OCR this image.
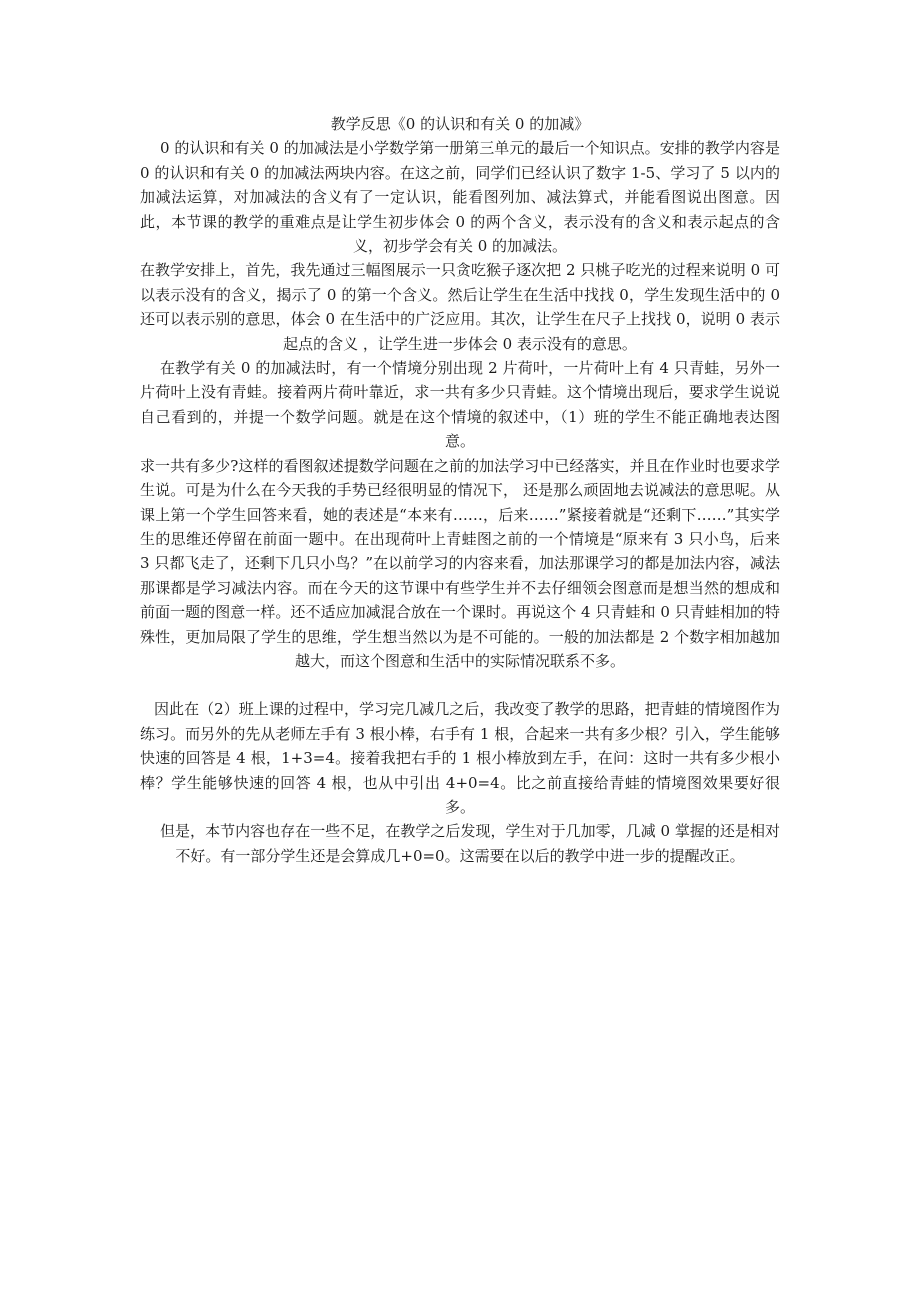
教学反思《0 的认识和有关 0 的加减》

0 的认识和有关 0 的加减法是小学数学第一册第三单元的最后一个知识点。安排的教学内容是 0 的认识和有关 0 的加减法两块内容。在这之前，同学们已经认识了数字 1-5、学习了 5 以内的加减法运算，对加减法的含义有了一定认识，能看图列加、减法算式，并能看图说出图意。因此，本节课的教学的重难点是让学生初步体会 0 的两个含义，表示没有的含义和表示起点的含义，初步学会有关 0 的加减法。

在教学安排上，首先，我先通过三幅图展示一只贪吃猴子逐次把 2 只桃子吃光的过程来说明 0 可以表示没有的含义，揭示了 0 的第一个含义。然后让学生在生活中找找 0，学生发现生活中的 0 还可以表示别的意思，体会 0 在生活中的广泛应用。其次，让学生在尺子上找找 0，说明 0 表示起点的含义 ，让学生进一步体会 0 表示没有的意思。

在教学有关 0 的加减法时，有一个情境分别出现 2 片荷叶，一片荷叶上有 4 只青蛙，另外一片荷叶上没有青蛙。接着两片荷叶靠近，求一共有多少只青蛙。这个情境出现后，要求学生说说自己看到的，并提一个数学问题。就是在这个情境的叙述中，（1）班的学生不能正确地表达图意。

求一共有多少?这样的看图叙述提数学问题在之前的加法学习中已经落实，并且在作业时也要求学生说。可是为什么在今天我的手势已经很明显的情况下， 还是那么顽固地去说减法的意思呢。从课上第一个学生回答来看，她的表述是“本来有……，后来……”紧接着就是“还剩下……”其实学生的思维还停留在前面一题中。在出现荷叶上青蛙图之前的一个情境是“原来有 3 只小鸟，后来 3 只都飞走了，还剩下几只小鸟？”在以前学习的内容来看，加法那课学习的都是加法内容，减法那课都是学习减法内容。而在今天的这节课中有些学生并不去仔细领会图意而是想当然的想成和前面一题的图意一样。还不适应加减混合放在一个课时。再说这个 4 只青蛙和 0 只青蛙相加的特殊性，更加局限了学生的思维，学生想当然以为是不可能的。一般的加法都是 2 个数字相加越加越大，而这个图意和生活中的实际情况联系不多。

因此在（2）班上课的过程中，学习完几减几之后，我改变了教学的思路，把青蛙的情境图作为练习。而另外的先从老师左手有 3 根小棒，右手有 1 根，合起来一共有多少根？引入，学生能够快速的回答是 4 根，1+3=4。接着我把右手的 1 根小棒放到左手，在问：这时一共有多少根小棒？学生能够快速的回答 4 根，也从中引出 4+0=4。比之前直接给青蛙的情境图效果要好很多。

但是，本节内容也存在一些不足，在教学之后发现，学生对于几加零，几减 0 掌握的还是相对不好。有一部分学生还是会算成几+0=0。这需要在以后的教学中进一步的提醒改正。
